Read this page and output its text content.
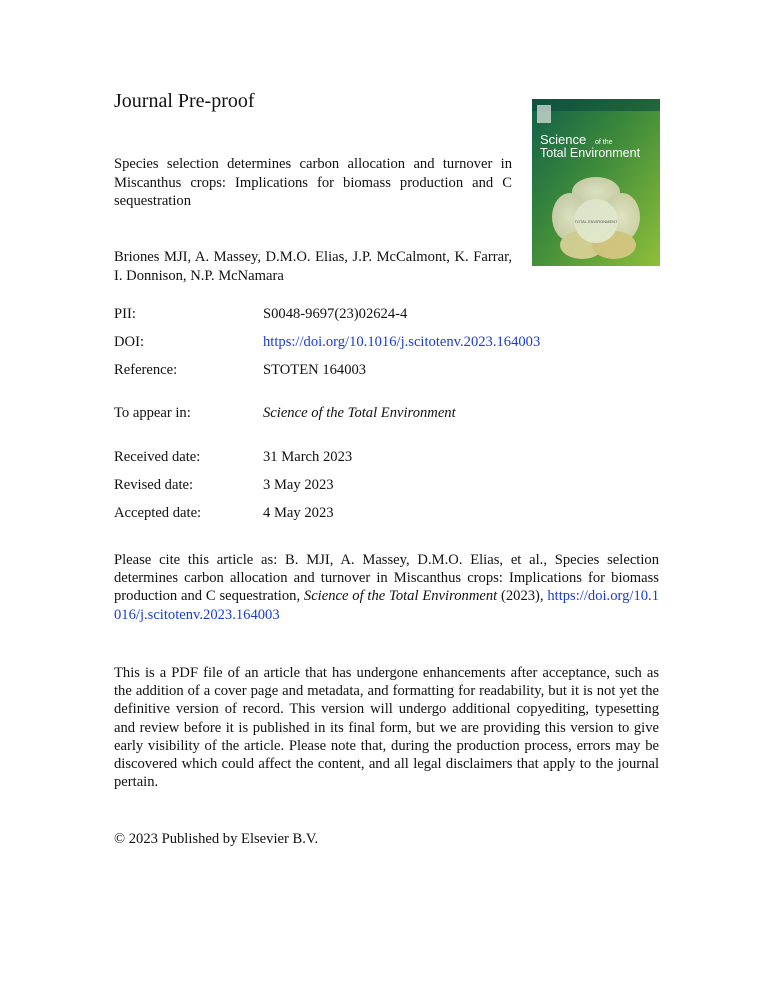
Journal Pre-proof
Species selection determines carbon allocation and turnover in Miscanthus crops: Implications for biomass production and C sequestration
Briones MJI, A. Massey, D.M.O. Elias, J.P. McCalmont, K. Farrar, I. Donnison, N.P. McNamara
Science of the
Total Environment
TOTAL ENVIRONMENT
PII:	S0048-9697(23)02624-4
DOI:	https://doi.org/10.1016/j.scitotenv.2023.164003
Reference:	STOTEN 164003
To appear in:	Science of the Total Environment
Received date:	31 March 2023
Revised date:	3 May 2023
Accepted date:	4 May 2023

Please cite this article as: B. MJI, A. Massey, D.M.O. Elias, et al., Species selection determines carbon allocation and turnover in Miscanthus crops: Implications for biomass production and C sequestration, Science of the Total Environment (2023), https://doi.org/10.1016/j.scitotenv.2023.164003

This is a PDF file of an article that has undergone enhancements after acceptance, such as the addition of a cover page and metadata, and formatting for readability, but it is not yet the definitive version of record. This version will undergo additional copyediting, typesetting and review before it is published in its final form, but we are providing this version to give early visibility of the article. Please note that, during the production process, errors may be discovered which could affect the content, and all legal disclaimers that apply to the journal pertain.

© 2023 Published by Elsevier B.V.
